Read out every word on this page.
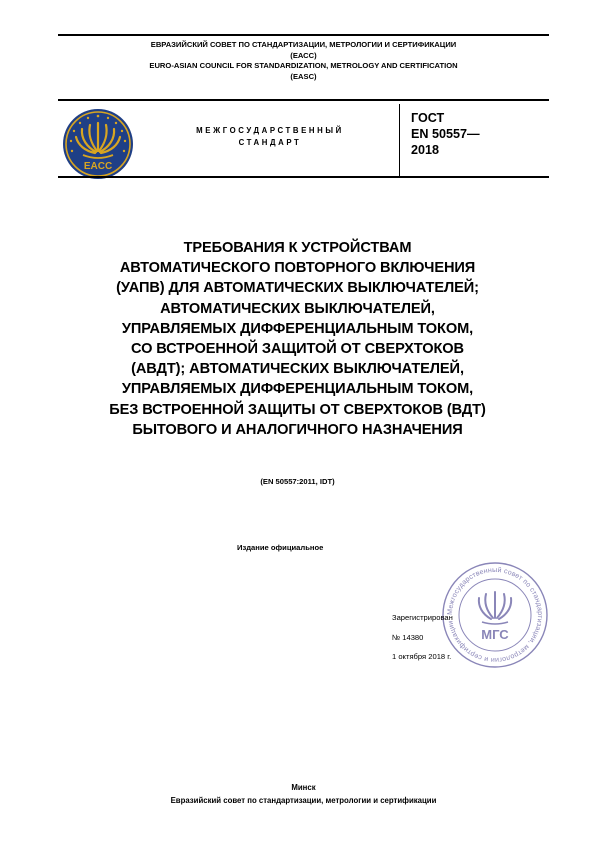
ЕВРАЗИЙСКИЙ СОВЕТ ПО СТАНДАРТИЗАЦИИ, МЕТРОЛОГИИ И СЕРТИФИКАЦИИ
(ЕАСС)
EURO-ASIAN COUNCIL FOR STANDARDIZATION, METROLOGY AND CERTIFICATION
(EASC)
EACC
МЕЖГОСУДАРСТВЕННЫЙ
СТАНДАРТ
ГОСТ
EN 50557—
2018
ТРЕБОВАНИЯ К УСТРОЙСТВАМ
АВТОМАТИЧЕСКОГО ПОВТОРНОГО ВКЛЮЧЕНИЯ
(УАПВ) ДЛЯ АВТОМАТИЧЕСКИХ ВЫКЛЮЧАТЕЛЕЙ;
АВТОМАТИЧЕСКИХ ВЫКЛЮЧАТЕЛЕЙ,
УПРАВЛЯЕМЫХ ДИФФЕРЕНЦИАЛЬНЫМ ТОКОМ,
СО ВСТРОЕННОЙ ЗАЩИТОЙ ОТ СВЕРХТОКОВ
(АВДТ); АВТОМАТИЧЕСКИХ ВЫКЛЮЧАТЕЛЕЙ,
УПРАВЛЯЕМЫХ ДИФФЕРЕНЦИАЛЬНЫМ ТОКОМ,
БЕЗ ВСТРОЕННОЙ ЗАЩИТЫ ОТ СВЕРХТОКОВ (ВДТ)
БЫТОВОГО И АНАЛОГИЧНОГО НАЗНАЧЕНИЯ
(EN 50557:2011, IDT)
Издание официальное
Межгосударственный совет по стандартизации, метрологии и сертификации
МГС
Зарегистрирован
№ 14380
1 октября 2018 г.
Минск
Евразийский совет по стандартизации, метрологии и сертификации
